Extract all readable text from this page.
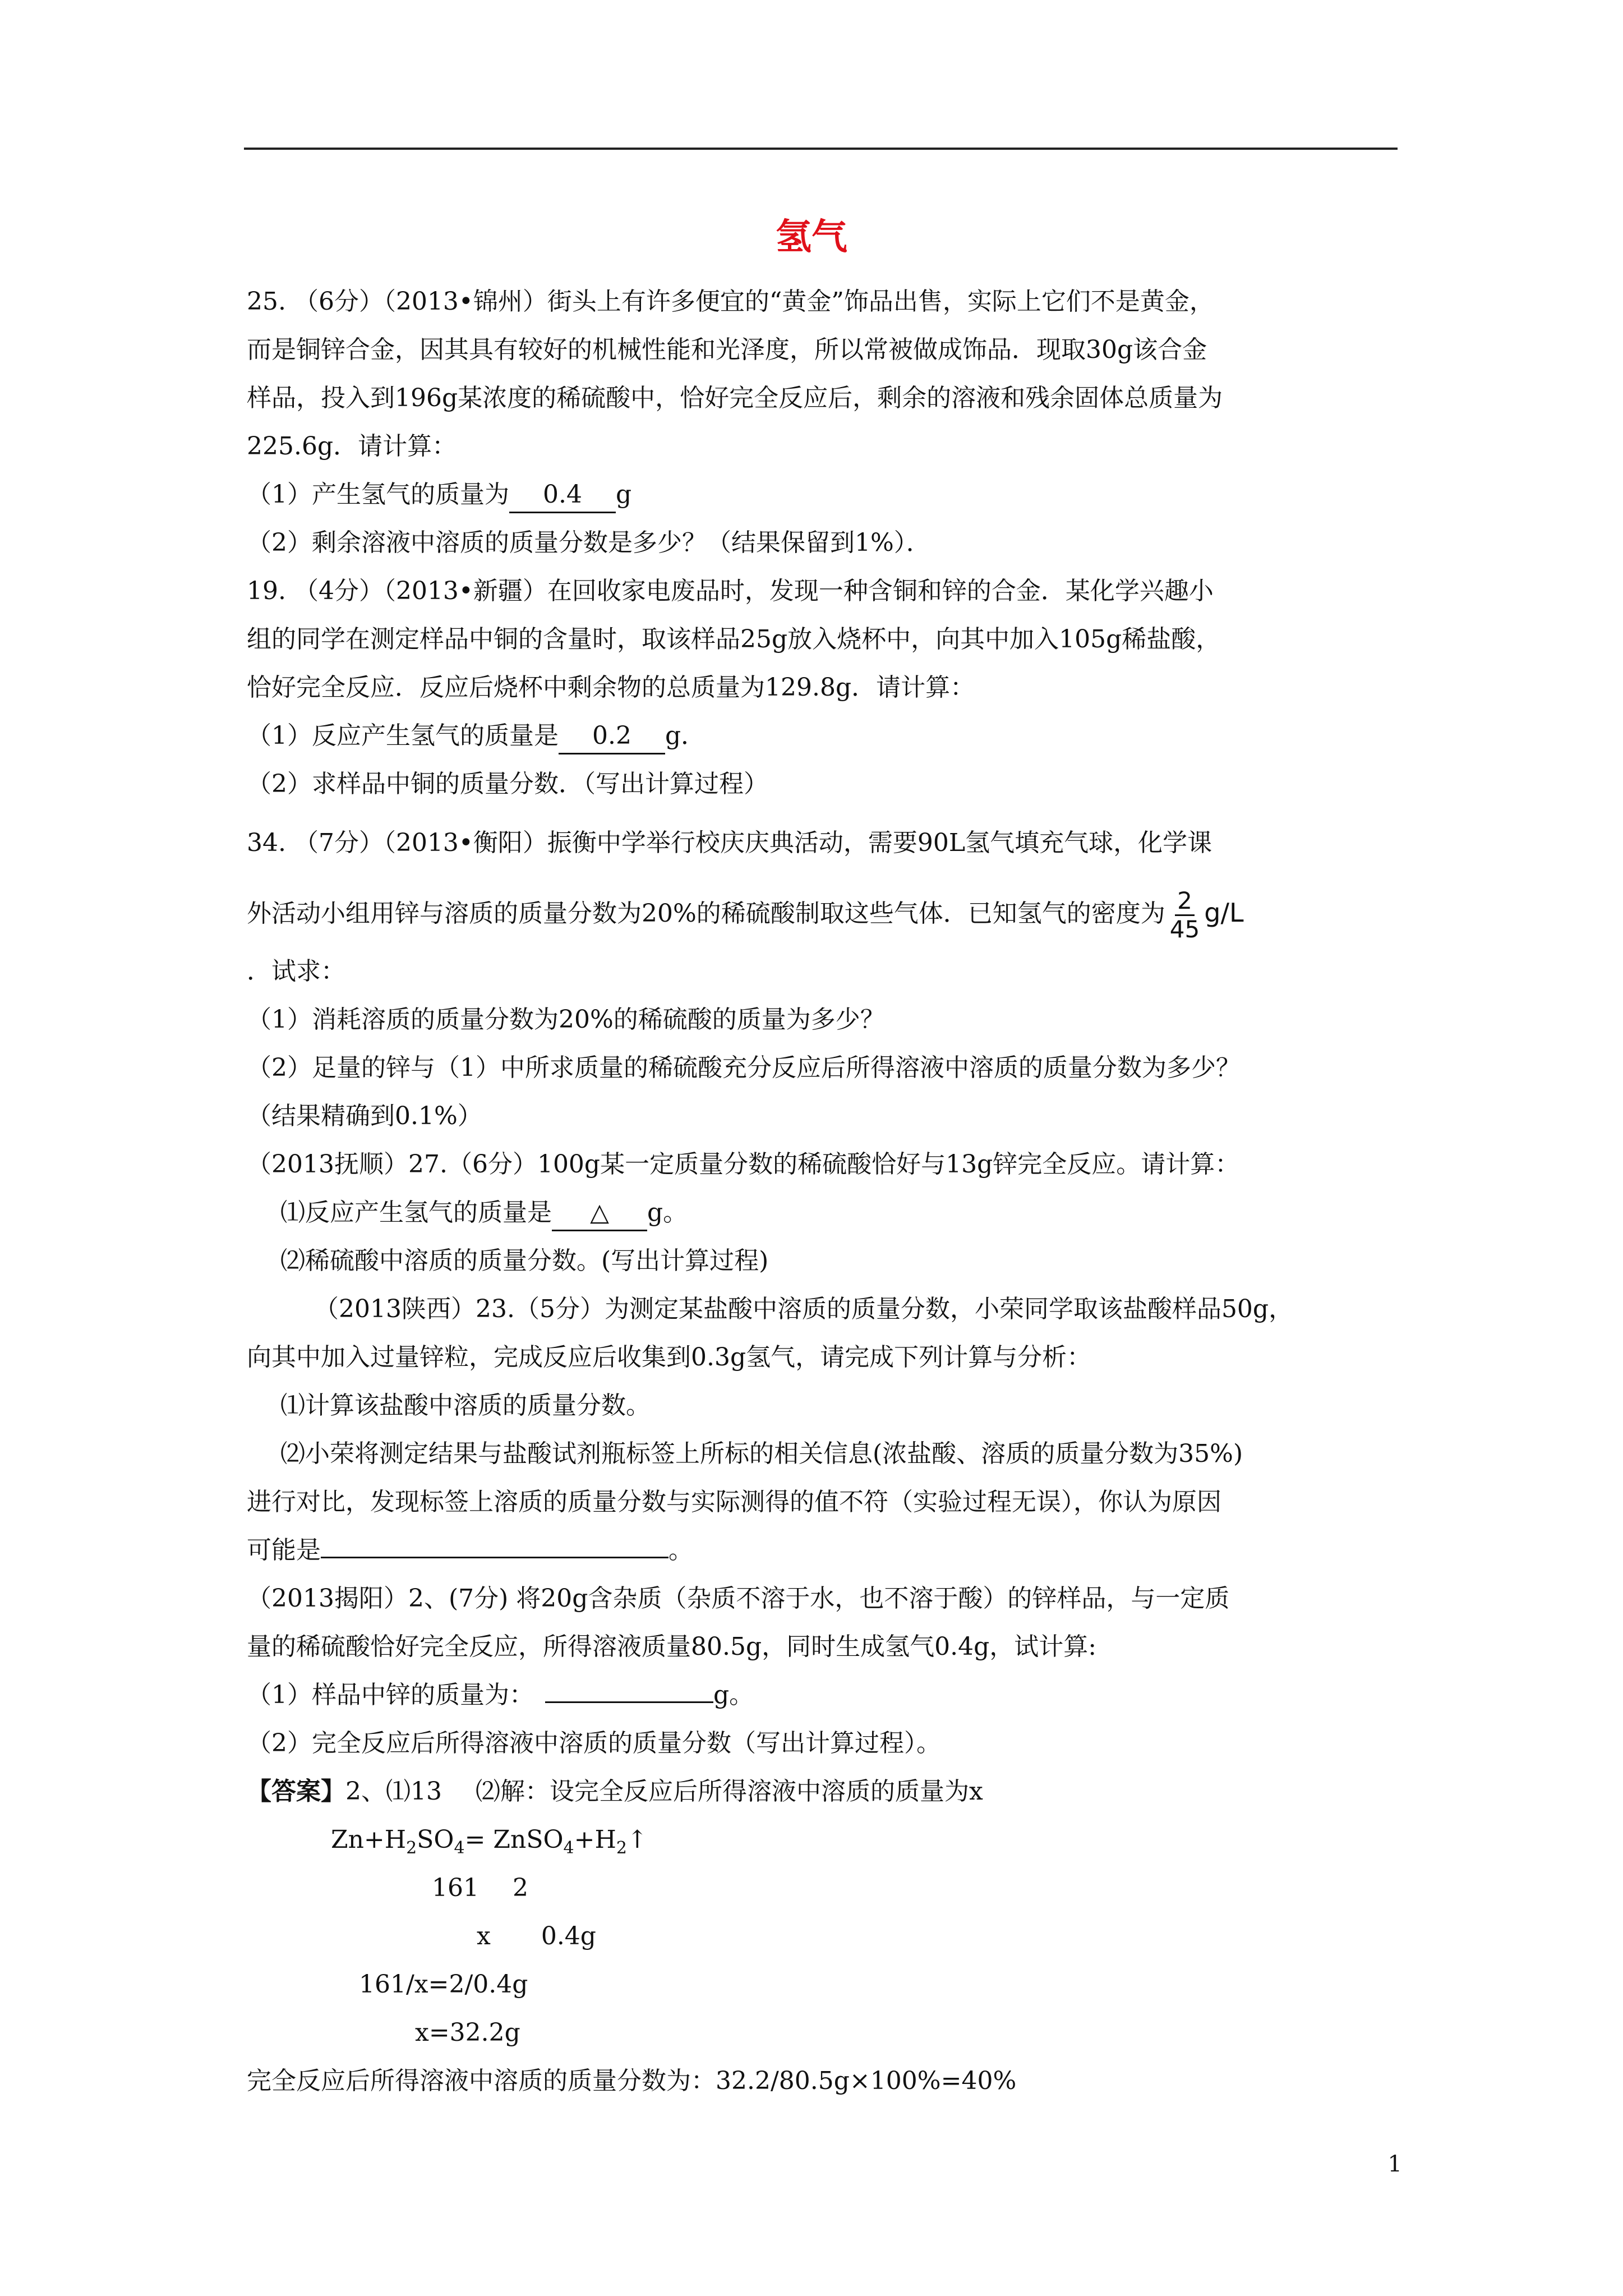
氢气
25. （6分）（2013•锦州）街头上有许多便宜的“黄金”饰品出售，实际上它们不是黄金，
而是铜锌合金，因其具有较好的机械性能和光泽度，所以常被做成饰品．现取30g该合金
样品，投入到196g某浓度的稀硫酸中，恰好完全反应后，剩余的溶液和残余固体总质量为
225.6g．请计算：
（1）产生氢气的质量为 0.4 g
（2）剩余溶液中溶质的质量分数是多少？（结果保留到1%）．
19. （4分）（2013•新疆）在回收家电废品时，发现一种含铜和锌的合金．某化学兴趣小
组的同学在测定样品中铜的含量时，取该样品25g放入烧杯中，向其中加入105g稀盐酸，
恰好完全反应．反应后烧杯中剩余物的总质量为129.8g．请计算：
（1）反应产生氢气的质量是 0.2 g．
（2）求样品中铜的质量分数．（写出计算过程）
34. （7分）（2013•衡阳）振衡中学举行校庆庆典活动，需要90L氢气填充气球，化学课
外活动小组用锌与溶质的质量分数为20%的稀硫酸制取这些气体．已知氢气的密度为 $\frac{2}{45} g/L$
．试求：
（1）消耗溶质的质量分数为20%的稀硫酸的质量为多少？
（2）足量的锌与（1）中所求质量的稀硫酸充分反应后所得溶液中溶质的质量分数为多少？
（结果精确到0.1%）
（2013抚顺）27.（6分）100g某一定质量分数的稀硫酸恰好与13g锌完全反应。请计算：
⑴反应产生氢气的质量是 △ g。
⑵稀硫酸中溶质的质量分数。(写出计算过程)
（2013陕西）23.（5分）为测定某盐酸中溶质的质量分数，小荣同学取该盐酸样品50g，
向其中加入过量锌粒，完成反应后收集到0.3g氢气，请完成下列计算与分析：
⑴计算该盐酸中溶质的质量分数。
⑵小荣将测定结果与盐酸试剂瓶标签上所标的相关信息(浓盐酸、溶质的质量分数为35%)
进行对比，发现标签上溶质的质量分数与实际测得的值不符（实验过程无误），你认为原因
可能是	。
（2013揭阳）2、(7分) 将20g含杂质（杂质不溶于水，也不溶于酸）的锌样品，与一定质
量的稀硫酸恰好完全反应，所得溶液质量80.5g，同时生成氢气0.4g，试计算:
（1）样品中锌的质量为：	g。
（2）完全反应后所得溶液中溶质的质量分数（写出计算过程）。
【答案】2、⑴13 ⑵解：设完全反应后所得溶液中溶质的质量为x
$Zn+H_2SO_4=$ $ZnSO_4+H_2↑$
161 2
x 0.4g
161/x=2/0.4g
x=32.2g
完全反应后所得溶液中溶质的质量分数为：32.2/80.5g×100%=40%
1
